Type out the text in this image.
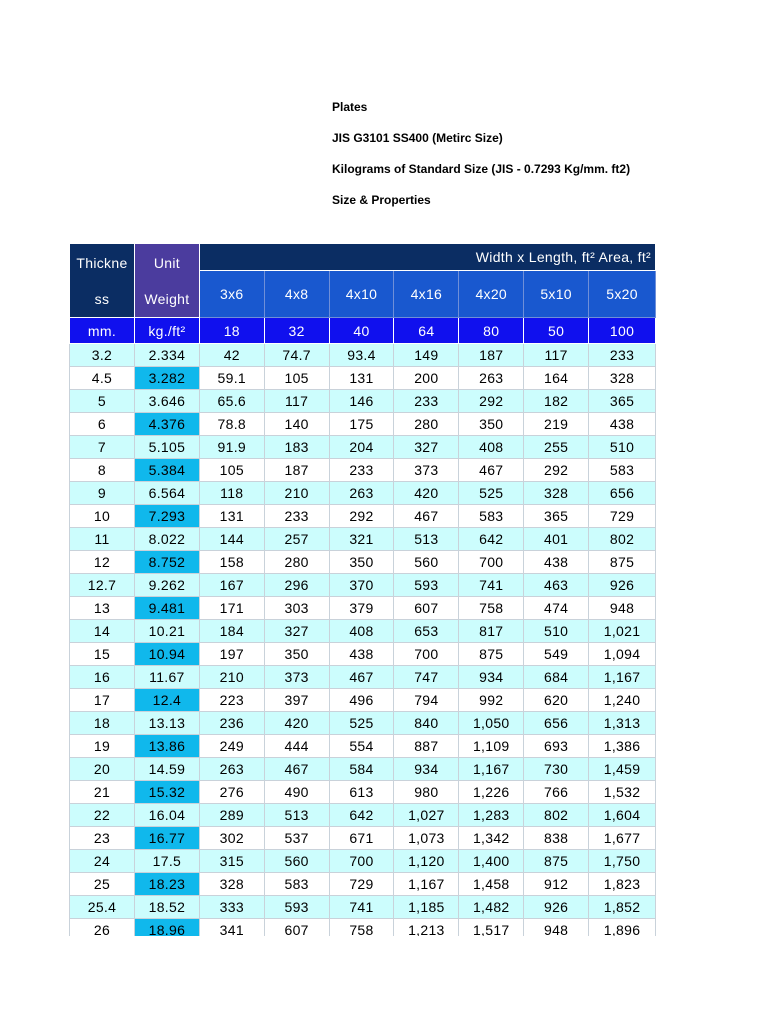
Plates
JIS G3101 SS400 (Metirc Size)
Kilograms of Standard Size (JIS - 0.7293 Kg/mm. ft2)
Size & Properties
Thickne
ss	Unit
Weight	Width x Length, ft² Area, ft²						
		3x6	4x8	4x10	4x16	4x20	5x10	5x20
mm.	kg./ft²	18	32	40	64	80	50	100
3.2	2.334	42	74.7	93.4	149	187	117	233
4.5	3.282	59.1	105	131	200	263	164	328
5	3.646	65.6	117	146	233	292	182	365
6	4.376	78.8	140	175	280	350	219	438
7	5.105	91.9	183	204	327	408	255	510
8	5.384	105	187	233	373	467	292	583
9	6.564	118	210	263	420	525	328	656
10	7.293	131	233	292	467	583	365	729
11	8.022	144	257	321	513	642	401	802
12	8.752	158	280	350	560	700	438	875
12.7	9.262	167	296	370	593	741	463	926
13	9.481	171	303	379	607	758	474	948
14	10.21	184	327	408	653	817	510	1,021
15	10.94	197	350	438	700	875	549	1,094
16	11.67	210	373	467	747	934	684	1,167
17	12.4	223	397	496	794	992	620	1,240
18	13.13	236	420	525	840	1,050	656	1,313
19	13.86	249	444	554	887	1,109	693	1,386
20	14.59	263	467	584	934	1,167	730	1,459
21	15.32	276	490	613	980	1,226	766	1,532
22	16.04	289	513	642	1,027	1,283	802	1,604
23	16.77	302	537	671	1,073	1,342	838	1,677
24	17.5	315	560	700	1,120	1,400	875	1,750
25	18.23	328	583	729	1,167	1,458	912	1,823
25.4	18.52	333	593	741	1,185	1,482	926	1,852
26	18.96	341	607	758	1,213	1,517	948	1,896
